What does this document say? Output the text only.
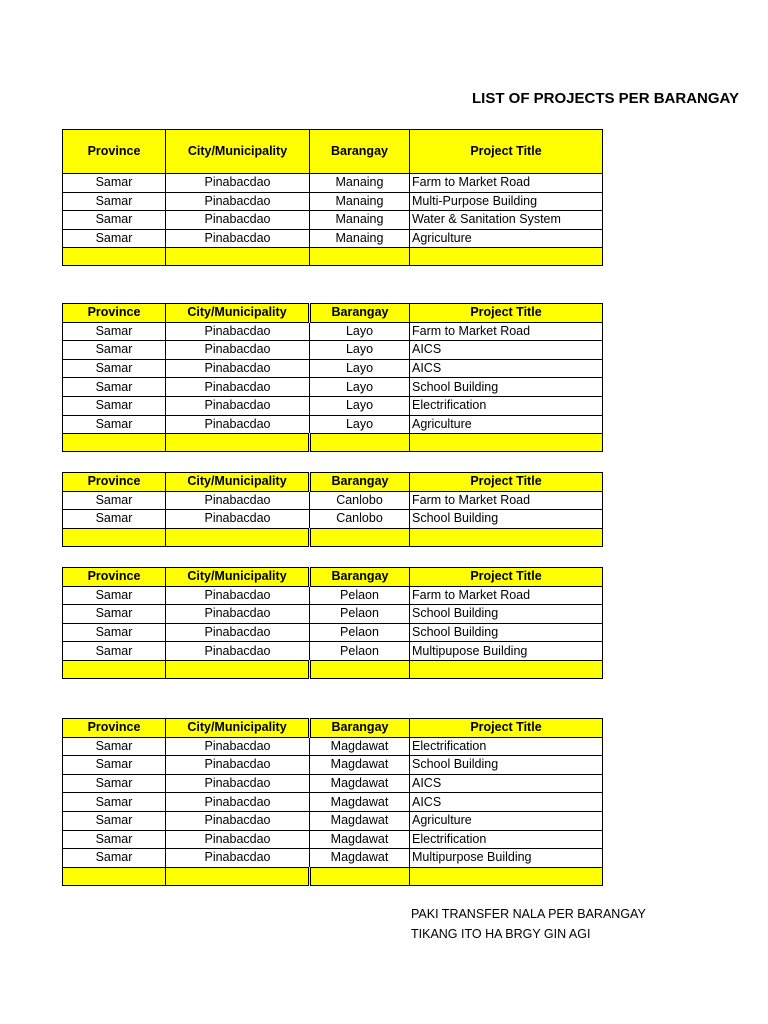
LIST OF PROJECTS PER BARANGAY
Province	City/Municipality	Barangay	Project Title
Samar	Pinabacdao	Manaing	Farm to Market Road
Samar	Pinabacdao	Manaing	Multi-Purpose Building
Samar	Pinabacdao	Manaing	Water & Sanitation System
Samar	Pinabacdao	Manaing	Agriculture

Province	City/Municipality	Barangay	Project Title
Samar	Pinabacdao	Layo	Farm to Market Road
Samar	Pinabacdao	Layo	AICS
Samar	Pinabacdao	Layo	AICS
Samar	Pinabacdao	Layo	School Building
Samar	Pinabacdao	Layo	Electrification
Samar	Pinabacdao	Layo	Agriculture

Province	City/Municipality	Barangay	Project Title
Samar	Pinabacdao	Canlobo	Farm to Market Road
Samar	Pinabacdao	Canlobo	School Building

Province	City/Municipality	Barangay	Project Title
Samar	Pinabacdao	Pelaon	Farm to Market Road
Samar	Pinabacdao	Pelaon	School Building
Samar	Pinabacdao	Pelaon	School Building
Samar	Pinabacdao	Pelaon	Multipupose Building

Province	City/Municipality	Barangay	Project Title
Samar	Pinabacdao	Magdawat	Electrification
Samar	Pinabacdao	Magdawat	School Building
Samar	Pinabacdao	Magdawat	AICS
Samar	Pinabacdao	Magdawat	AICS
Samar	Pinabacdao	Magdawat	Agriculture
Samar	Pinabacdao	Magdawat	Electrification
Samar	Pinabacdao	Magdawat	Multipurpose Building

PAKI TRANSFER NALA PER BARANGAY
TIKANG ITO HA BRGY GIN AGI
